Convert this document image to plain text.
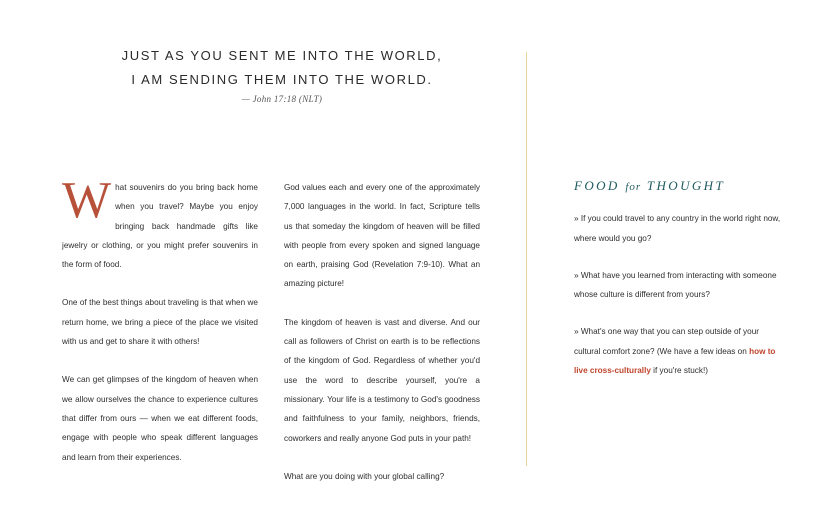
JUST AS YOU SENT ME INTO THE WORLD,
I AM SENDING THEM INTO THE WORLD.
— John 17:18 (NLT)

What souvenirs do you bring back home when you travel? Maybe you enjoy bringing back handmade gifts like jewelry or clothing, or you might prefer souvenirs in the form of food.

One of the best things about traveling is that when we return home, we bring a piece of the place we visited with us and get to share it with others!

We can get glimpses of the kingdom of heaven when we allow ourselves the chance to experience cultures that differ from ours — when we eat different foods, engage with people who speak different languages and learn from their experiences.

God values each and every one of the approximately 7,000 languages in the world. In fact, Scripture tells us that someday the kingdom of heaven will be filled with people from every spoken and signed language on earth, praising God (Revelation 7:9-10). What an amazing picture!

The kingdom of heaven is vast and diverse. And our call as followers of Christ on earth is to be reflections of the kingdom of God. Regardless of whether you'd use the word to describe yourself, you're a missionary. Your life is a testimony to God's goodness and faithfulness to your family, neighbors, friends, coworkers and really anyone God puts in your path!

What are you doing with your global calling?

FOOD for THOUGHT

» If you could travel to any country in the world right now, where would you go?

» What have you learned from interacting with someone whose culture is different from yours?

» What's one way that you can step outside of your cultural comfort zone? (We have a few ideas on how to live cross-culturally if you're stuck!)
